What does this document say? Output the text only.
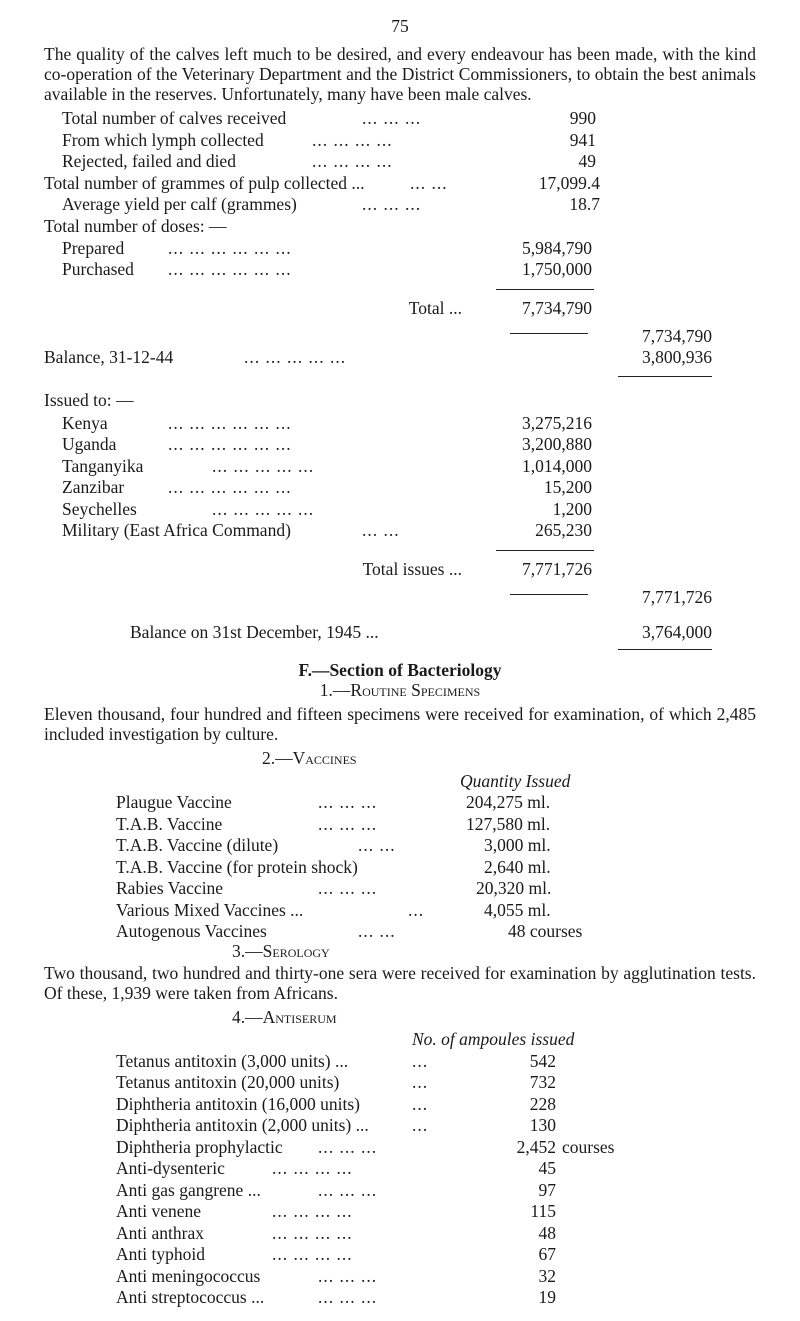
75
The quality of the calves left much to be desired, and every endeavour has been made, with the kind co-operation of the Veterinary Department and the District Commissioners, to obtain the best animals available in the reserves. Unfortunately, many have been male calves.
Total number of calves received	... ... ...	990
From which lymph collected	... ... ... ...	941
Rejected, failed and died	... ... ... ...	49
Total number of grammes of pulp collected ...	... ...	17,099.4
Average yield per calf (grammes)	... ... ...	18.7
Total number of doses: —
Prepared	... ... ... ... ... ...	5,984,790
Purchased ... ... ... ... ... ...	1,750,000
Total ...	7,734,790
7,734,790
Balance, 31-12-44	... ... ... ... ...	3,800,936
Issued to: —
Kenya	... ... ... ... ... ...	3,275,216
Uganda	... ... ... ... ... ...	3,200,880
Tanganyika	... ... ... ... ...	1,014,000
Zanzibar	... ... ... ... ... ...	15,200
Seychelles	... ... ... ... ...	1,200
Military (East Africa Command)	... ...	265,230
Total issues ...	7,771,726
7,771,726
Balance on 31st December, 1945 ...	3,764,000
F.—Section of Bacteriology
1.—Routine Specimens
Eleven thousand, four hundred and fifteen specimens were received for examination, of which 2,485 included investigation by culture.
2.—Vaccines
Quantity Issued
Plaugue Vaccine	... ... ...	204,275 ml.
T.A.B. Vaccine	... ... ...	127,580 ml.
T.A.B. Vaccine (dilute)	... ...	3,000 ml.
T.A.B. Vaccine (for protein shock)	2,640 ml.
Rabies Vaccine	... ... ...	20,320 ml.
Various Mixed Vaccines ...	...	4,055 ml.
Autogenous Vaccines	... ...	48 courses
3.—Serology
Two thousand, two hundred and thirty-one sera were received for examination by agglutination tests. Of these, 1,939 were taken from Africans.
4.—Antiserum
No. of ampoules issued
Tetanus antitoxin (3,000 units) ...	...	542
Tetanus antitoxin (20,000 units)	...	732
Diphtheria antitoxin (16,000 units)	...	228
Diphtheria antitoxin (2,000 units) ... ...	130
Diphtheria prophylactic ... ... ...	2,452 courses
Anti-dysenteric	... ... ... ...	45
Anti gas gangrene ...	... ... ...	97
Anti venene	... ... ... ...	115
Anti anthrax	... ... ... ...	48
Anti typhoid	... ... ... ...	67
Anti meningococcus	... ... ...	32
Anti streptococcus ...	... ... ...	19
